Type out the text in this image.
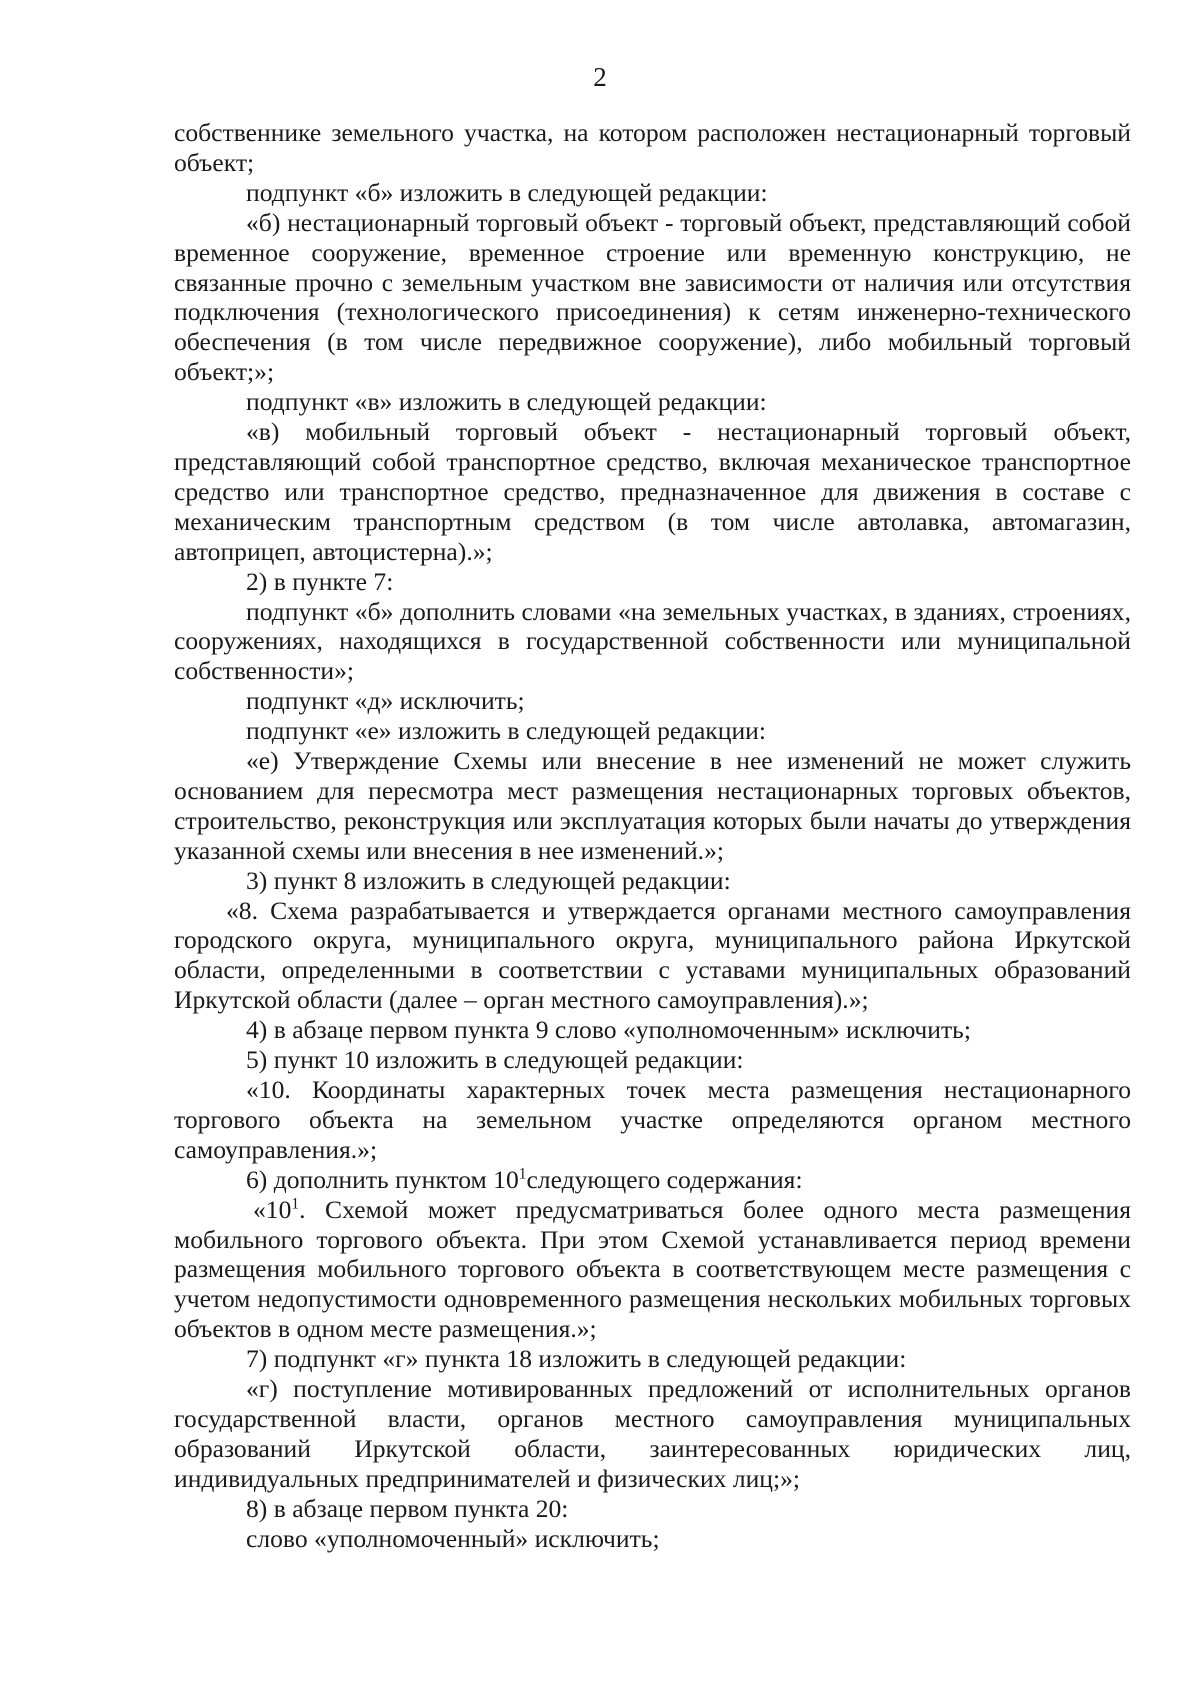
2

собственнике земельного участка, на котором расположен нестационарный торговый объект;

подпункт «б» изложить в следующей редакции:

«б) нестационарный торговый объект - торговый объект, представляющий собой временное сооружение, временное строение или временную конструкцию, не связанные прочно с земельным участком вне зависимости от наличия или отсутствия подключения (технологического присоединения) к сетям инженерно-технического обеспечения (в том числе передвижное сооружение), либо мобильный торговый объект;»;

подпункт «в» изложить в следующей редакции:

«в) мобильный торговый объект - нестационарный торговый объект, представляющий собой транспортное средство, включая механическое транспортное средство или транспортное средство, предназначенное для движения в составе с механическим транспортным средством (в том числе автолавка, автомагазин, автоприцеп, автоцистерна).»;

2) в пункте 7:

подпункт «б» дополнить словами «на земельных участках, в зданиях, строениях, сооружениях, находящихся в государственной собственности или муниципальной собственности»;

подпункт «д» исключить;

подпункт «е» изложить в следующей редакции:

«е) Утверждение Схемы или внесение в нее изменений не может служить основанием для пересмотра мест размещения нестационарных торговых объектов, строительство, реконструкция или эксплуатация которых были начаты до утверждения указанной схемы или внесения в нее изменений.»;

3) пункт 8 изложить в следующей редакции:

«8. Схема разрабатывается и утверждается органами местного самоуправления городского округа, муниципального округа, муниципального района Иркутской области, определенными в соответствии с уставами муниципальных образований Иркутской области (далее – орган местного самоуправления).»;

4) в абзаце первом пункта 9 слово «уполномоченным» исключить;

5) пункт 10 изложить в следующей редакции:

«10. Координаты характерных точек места размещения нестационарного торгового объекта на земельном участке определяются органом местного самоуправления.»;

6) дополнить пунктом $10^1следующего$ содержания:

«$10^1$. Схемой может предусматриваться более одного места размещения мобильного торгового объекта. При этом Схемой устанавливается период времени размещения мобильного торгового объекта в соответствующем месте размещения с учетом недопустимости одновременного размещения нескольких мобильных торговых объектов в одном месте размещения.»;

7) подпункт «г» пункта 18 изложить в следующей редакции:

«г) поступление мотивированных предложений от исполнительных органов государственной власти, органов местного самоуправления муниципальных образований Иркутской области, заинтересованных юридических лиц, индивидуальных предпринимателей и физических лиц;»;

8) в абзаце первом пункта 20:

слово «уполномоченный» исключить;
